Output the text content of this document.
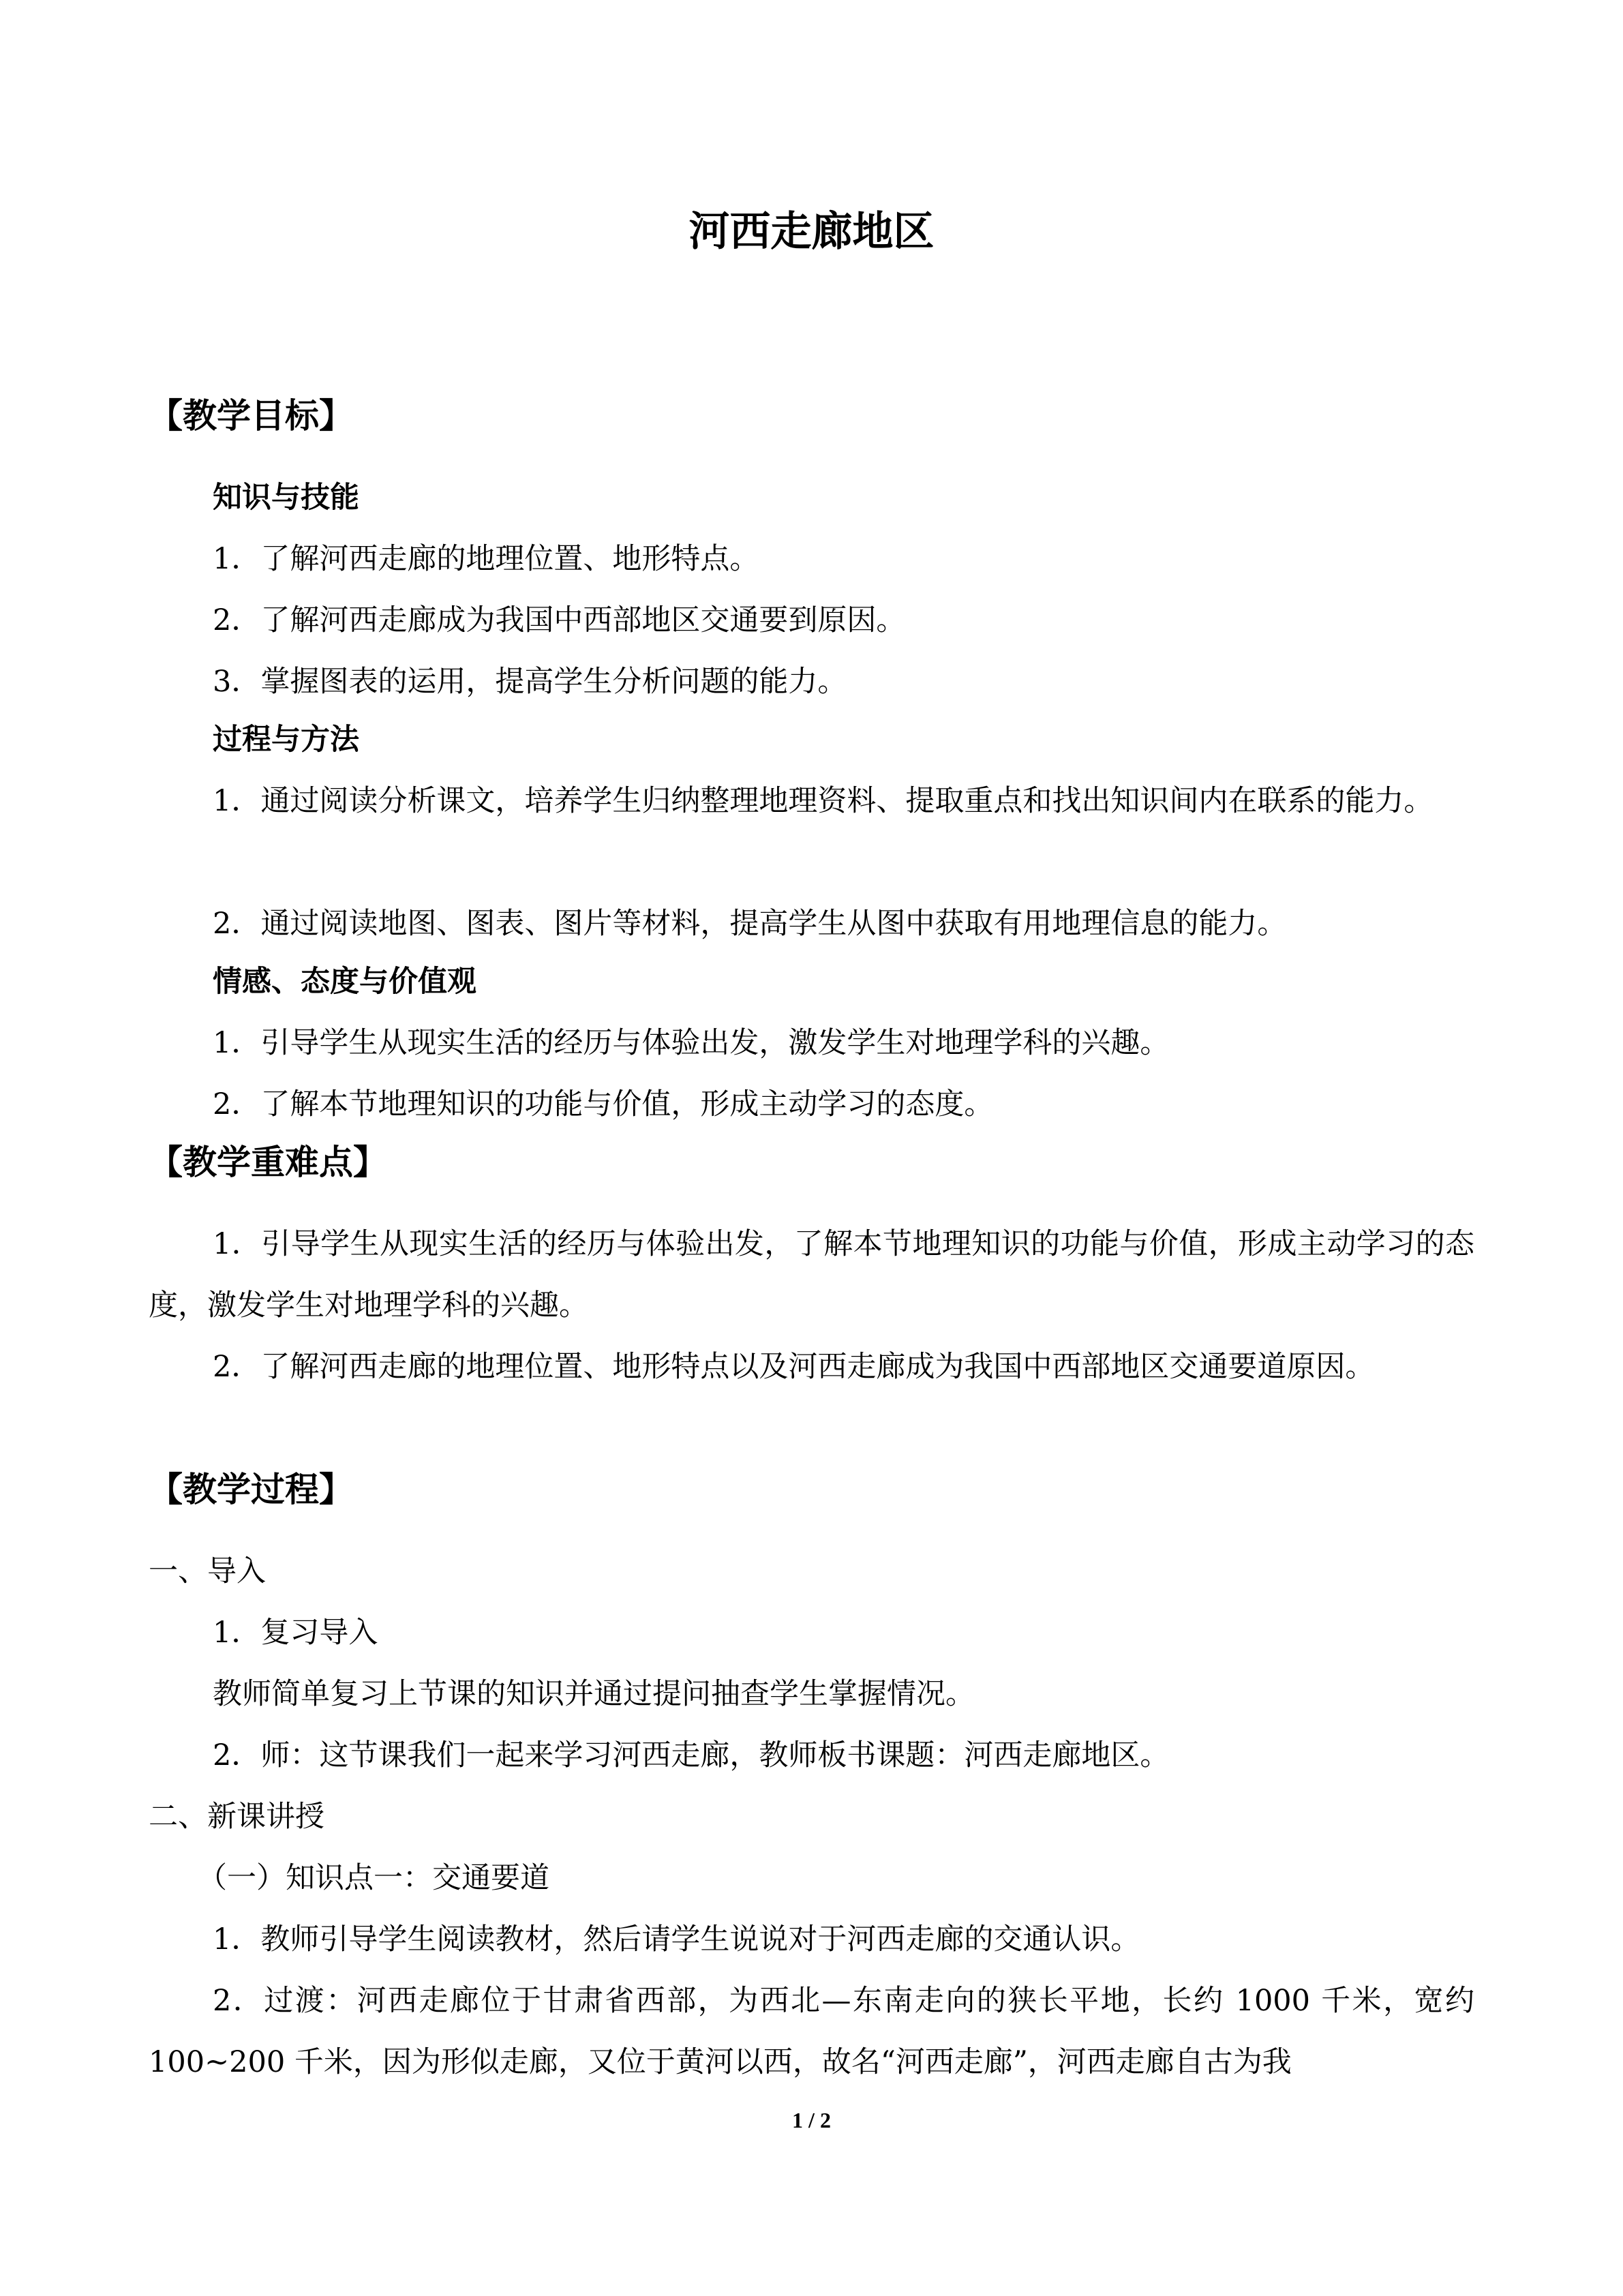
河西走廊地区
【教学目标】
知识与技能
1．了解河西走廊的地理位置、地形特点。
2．了解河西走廊成为我国中西部地区交通要到原因。
3．掌握图表的运用，提高学生分析问题的能力。
过程与方法
1．通过阅读分析课文，培养学生归纳整理地理资料、提取重点和找出知识间内在联系的能力。
2．通过阅读地图、图表、图片等材料，提高学生从图中获取有用地理信息的能力。
情感、态度与价值观
1．引导学生从现实生活的经历与体验出发，激发学生对地理学科的兴趣。
2．了解本节地理知识的功能与价值，形成主动学习的态度。
【教学重难点】
1．引导学生从现实生活的经历与体验出发，了解本节地理知识的功能与价值，形成主动学习的态度，激发学生对地理学科的兴趣。
2．了解河西走廊的地理位置、地形特点以及河西走廊成为我国中西部地区交通要道原因。
【教学过程】
一、导入
1．复习导入
教师简单复习上节课的知识并通过提问抽查学生掌握情况。
2．师：这节课我们一起来学习河西走廊，教师板书课题：河西走廊地区。
二、新课讲授
（一）知识点一：交通要道
1．教师引导学生阅读教材，然后请学生说说对于河西走廊的交通认识。
2．过渡：河西走廊位于甘肃省西部，为西北—东南走向的狭长平地，长约 1000 千米，宽约 100~200 千米，因为形似走廊，又位于黄河以西，故名“河西走廊”，河西走廊自古为我
1 / 2
